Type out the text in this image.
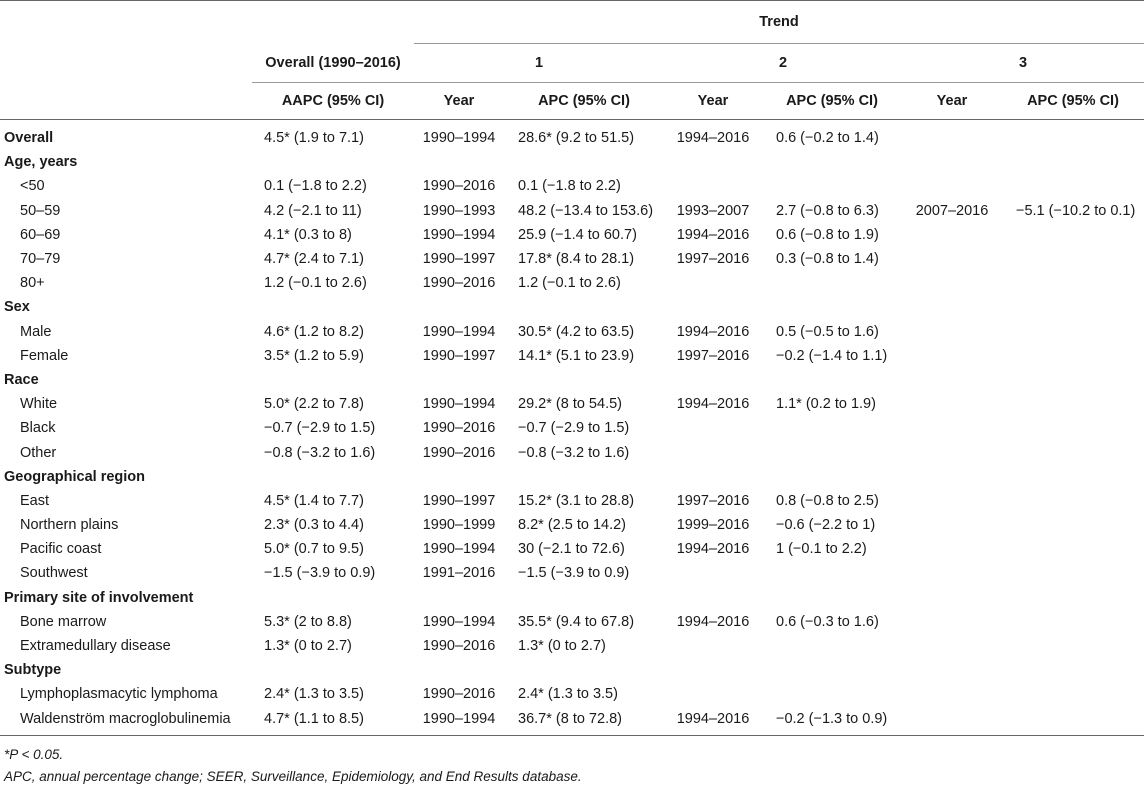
		Trend					
	Overall (1990–2016)	1		2		3	
	AAPC (95% CI)	Year	APC (95% CI)	Year	APC (95% CI)	Year	APC (95% CI)
Overall	4.5* (1.9 to 7.1)	1990–1994	28.6* (9.2 to 51.5)	1994–2016	0.6 (−0.2 to 1.4)		
Age, years							
<50	0.1 (−1.8 to 2.2)	1990–2016	0.1 (−1.8 to 2.2)				
50–59	4.2 (−2.1 to 11)	1990–1993	48.2 (−13.4 to 153.6)	1993–2007	2.7 (−0.8 to 6.3)	2007–2016	−5.1 (−10.2 to 0.1)
60–69	4.1* (0.3 to 8)	1990–1994	25.9 (−1.4 to 60.7)	1994–2016	0.6 (−0.8 to 1.9)		
70–79	4.7* (2.4 to 7.1)	1990–1997	17.8* (8.4 to 28.1)	1997–2016	0.3 (−0.8 to 1.4)		
80+	1.2 (−0.1 to 2.6)	1990–2016	1.2 (−0.1 to 2.6)				
Sex							
Male	4.6* (1.2 to 8.2)	1990–1994	30.5* (4.2 to 63.5)	1994–2016	0.5 (−0.5 to 1.6)		
Female	3.5* (1.2 to 5.9)	1990–1997	14.1* (5.1 to 23.9)	1997–2016	−0.2 (−1.4 to 1.1)		
Race							
White	5.0* (2.2 to 7.8)	1990–1994	29.2* (8 to 54.5)	1994–2016	1.1* (0.2 to 1.9)		
Black	−0.7 (−2.9 to 1.5)	1990–2016	−0.7 (−2.9 to 1.5)				
Other	−0.8 (−3.2 to 1.6)	1990–2016	−0.8 (−3.2 to 1.6)				
Geographical region							
East	4.5* (1.4 to 7.7)	1990–1997	15.2* (3.1 to 28.8)	1997–2016	0.8 (−0.8 to 2.5)		
Northern plains	2.3* (0.3 to 4.4)	1990–1999	8.2* (2.5 to 14.2)	1999–2016	−0.6 (−2.2 to 1)		
Pacific coast	5.0* (0.7 to 9.5)	1990–1994	30 (−2.1 to 72.6)	1994–2016	1 (−0.1 to 2.2)		
Southwest	−1.5 (−3.9 to 0.9)	1991–2016	−1.5 (−3.9 to 0.9)				
Primary site of involvement							
Bone marrow	5.3* (2 to 8.8)	1990–1994	35.5* (9.4 to 67.8)	1994–2016	0.6 (−0.3 to 1.6)		
Extramedullary disease	1.3* (0 to 2.7)	1990–2016	1.3* (0 to 2.7)				
Subtype							
Lymphoplasmacytic lymphoma	2.4* (1.3 to 3.5)	1990–2016	2.4* (1.3 to 3.5)				
Waldenström macroglobulinemia	4.7* (1.1 to 8.5)	1990–1994	36.7* (8 to 72.8)	1994–2016	−0.2 (−1.3 to 0.9)		
*P < 0.05.
APC, annual percentage change; SEER, Surveillance, Epidemiology, and End Results database.
